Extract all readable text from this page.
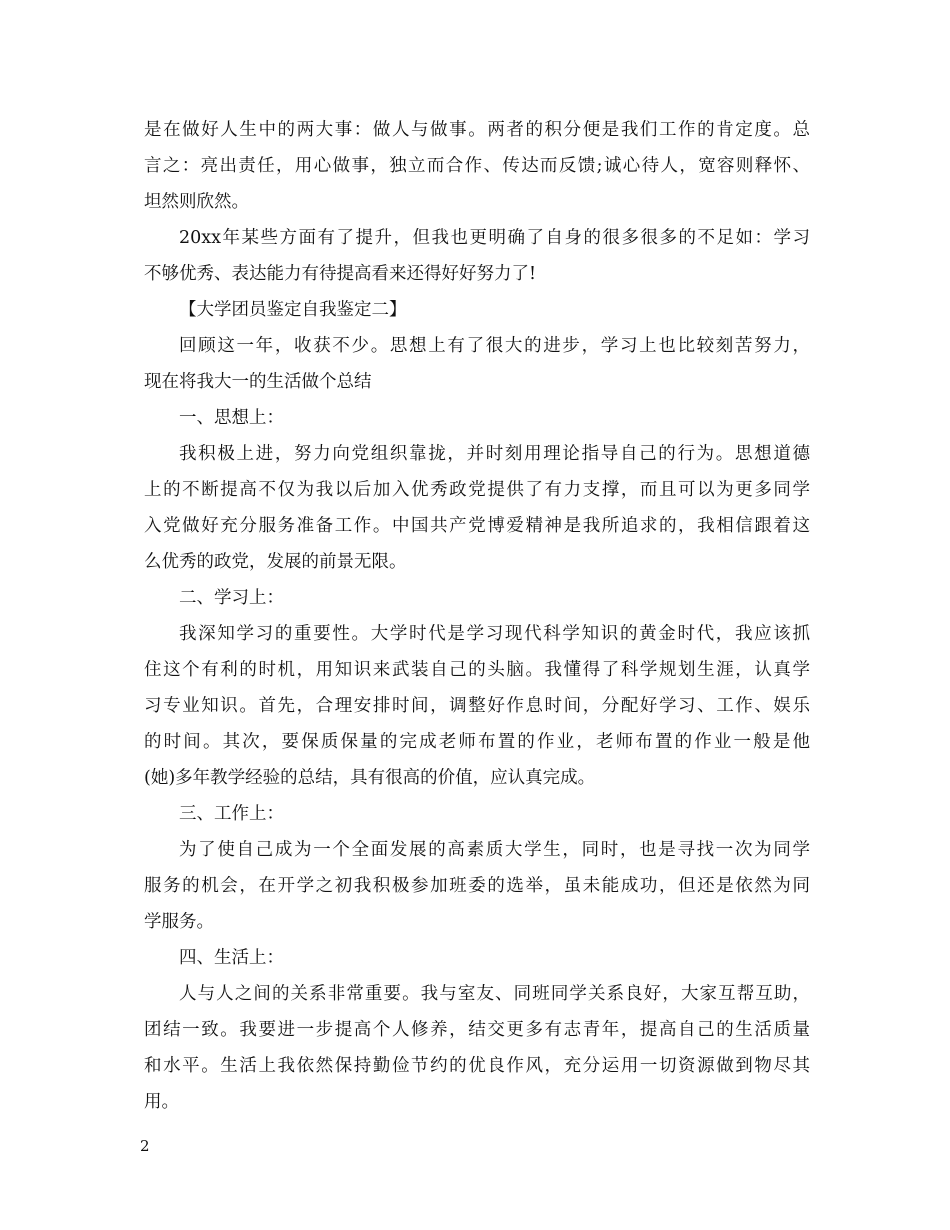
是在做好人生中的两大事：做人与做事。两者的积分便是我们工作的肯定度。总
言之：亮出责任，用心做事，独立而合作、传达而反馈;诚心待人，宽容则释怀、
坦然则欣然。
20xx年某些方面有了提升，但我也更明确了自身的很多很多的不足如：学习
不够优秀、表达能力有待提高看来还得好好努力了!
【大学团员鉴定自我鉴定二】
回顾这一年，收获不少。思想上有了很大的进步，学习上也比较刻苦努力，
现在将我大一的生活做个总结
一、思想上：
我积极上进，努力向党组织靠拢，并时刻用理论指导自己的行为。思想道德
上的不断提高不仅为我以后加入优秀政党提供了有力支撑，而且可以为更多同学
入党做好充分服务准备工作。中国共产党博爱精神是我所追求的，我相信跟着这
么优秀的政党，发展的前景无限。
二、学习上：
我深知学习的重要性。大学时代是学习现代科学知识的黄金时代，我应该抓
住这个有利的时机，用知识来武装自己的头脑。我懂得了科学规划生涯，认真学
习专业知识。首先，合理安排时间，调整好作息时间，分配好学习、工作、娱乐
的时间。其次，要保质保量的完成老师布置的作业，老师布置的作业一般是他
(她)多年教学经验的总结，具有很高的价值，应认真完成。
三、工作上：
为了使自己成为一个全面发展的高素质大学生，同时，也是寻找一次为同学
服务的机会，在开学之初我积极参加班委的选举，虽未能成功，但还是依然为同
学服务。
四、生活上：
人与人之间的关系非常重要。我与室友、同班同学关系良好，大家互帮互助，
团结一致。我要进一步提高个人修养，结交更多有志青年，提高自己的生活质量
和水平。生活上我依然保持勤俭节约的优良作风，充分运用一切资源做到物尽其
用。
2
